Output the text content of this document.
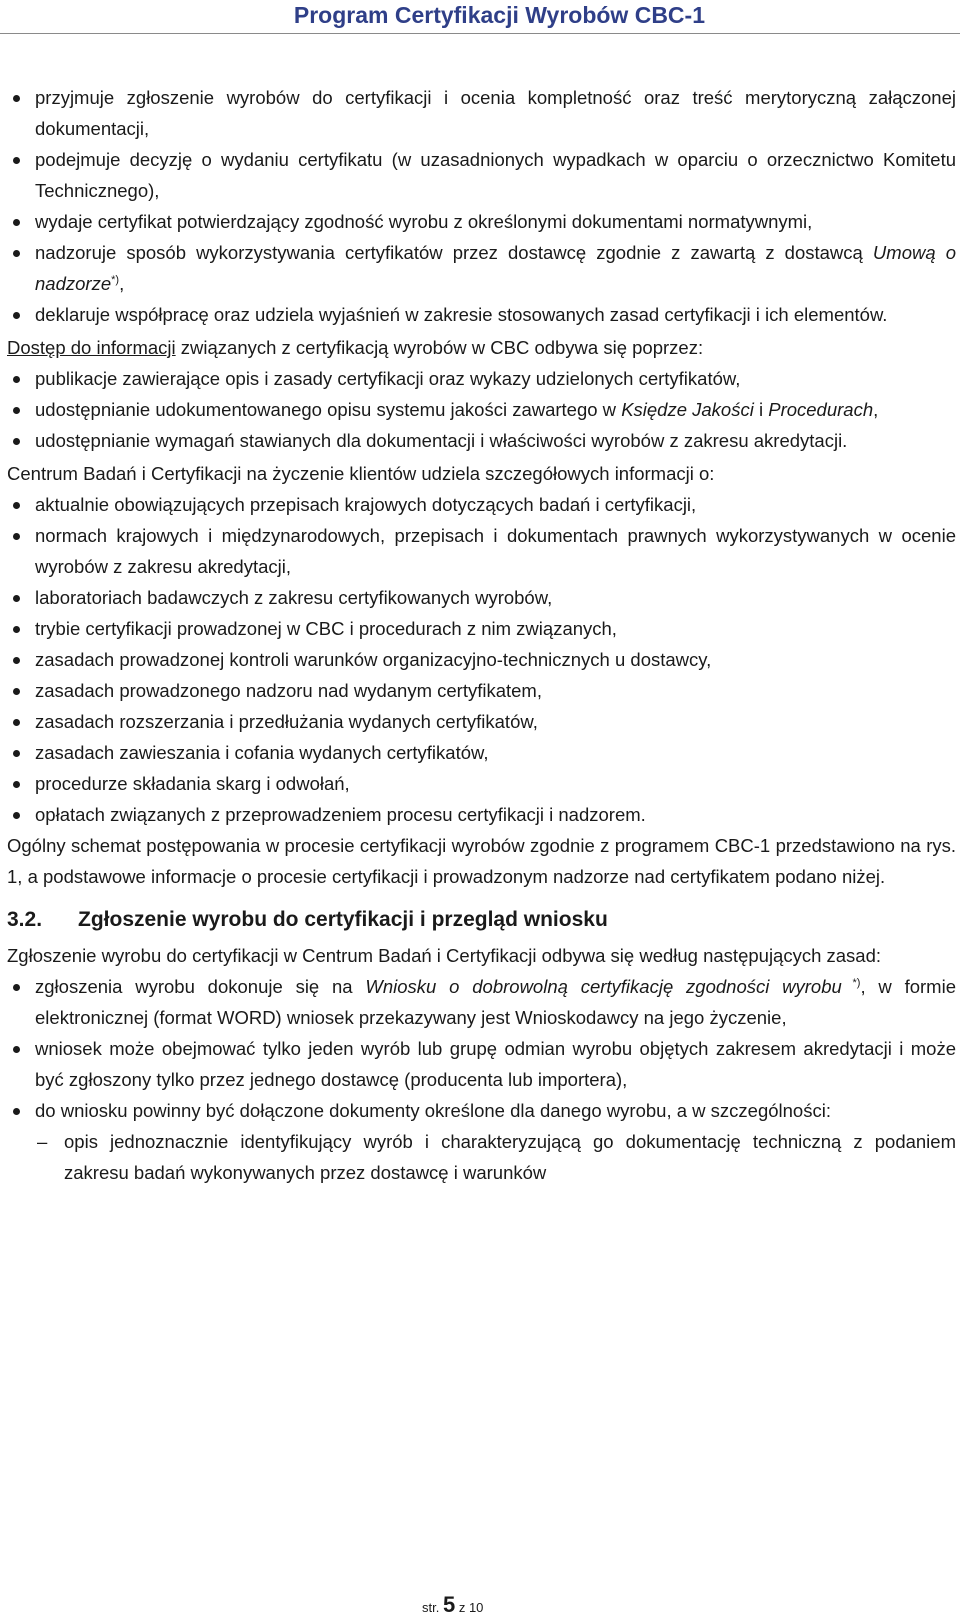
Program Certyfikacji Wyrobów CBC-1
przyjmuje zgłoszenie wyrobów do certyfikacji i ocenia kompletność oraz treść merytoryczną załączonej dokumentacji,
podejmuje decyzję o wydaniu certyfikatu (w uzasadnionych wypadkach w oparciu o orzecznictwo Komitetu Technicznego),
wydaje certyfikat potwierdzający zgodność wyrobu z określonymi dokumentami normatywnymi,
nadzoruje sposób wykorzystywania certyfikatów przez dostawcę zgodnie z zawartą z dostawcą Umową o nadzorze*),
deklaruje współpracę oraz udziela wyjaśnień w zakresie stosowanych zasad certyfikacji i ich elementów.

Dostęp do informacji związanych z certyfikacją wyrobów w CBC odbywa się poprzez:

publikacje zawierające opis i zasady certyfikacji oraz wykazy udzielonych certyfikatów,
udostępnianie udokumentowanego opisu systemu jakości zawartego w Księdze Jakości i Procedurach,
udostępnianie wymagań stawianych dla dokumentacji i właściwości wyrobów z zakresu akredytacji.

Centrum Badań i Certyfikacji na życzenie klientów udziela szczegółowych informacji o:

aktualnie obowiązujących przepisach krajowych dotyczących badań i certyfikacji,
normach krajowych i międzynarodowych, przepisach i dokumentach prawnych wykorzystywanych w ocenie wyrobów z zakresu akredytacji,
laboratoriach badawczych z zakresu certyfikowanych wyrobów,
trybie certyfikacji prowadzonej w CBC i procedurach z nim związanych,
zasadach prowadzonej kontroli warunków organizacyjno-technicznych u dostawcy,
zasadach prowadzonego nadzoru nad wydanym certyfikatem,
zasadach rozszerzania i przedłużania wydanych certyfikatów,
zasadach zawieszania i cofania wydanych certyfikatów,
procedurze składania skarg i odwołań,
opłatach związanych z przeprowadzeniem procesu certyfikacji i nadzorem.

Ogólny schemat postępowania w procesie certyfikacji wyrobów zgodnie z programem CBC-1 przedstawiono na rys. 1, a podstawowe informacje o procesie certyfikacji i prowadzonym nadzorze nad certyfikatem podano niżej.

3.2. Zgłoszenie wyrobu do certyfikacji i przegląd wniosku

Zgłoszenie wyrobu do certyfikacji w Centrum Badań i Certyfikacji odbywa się według następujących zasad:

zgłoszenia wyrobu dokonuje się na Wniosku o dobrowolną certyfikację zgodności wyrobu *), w formie elektronicznej (format WORD) wniosek przekazywany jest Wnioskodawcy na jego życzenie,
wniosek może obejmować tylko jeden wyrób lub grupę odmian wyrobu objętych zakresem akredytacji i może być zgłoszony tylko przez jednego dostawcę (producenta lub importera),
do wniosku powinny być dołączone dokumenty określone dla danego wyrobu, a w szczególności:
– opis jednoznacznie identyfikujący wyrób i charakteryzującą go dokumentację techniczną z podaniem zakresu badań wykonywanych przez dostawcę i warunków
str. 5 z 10
